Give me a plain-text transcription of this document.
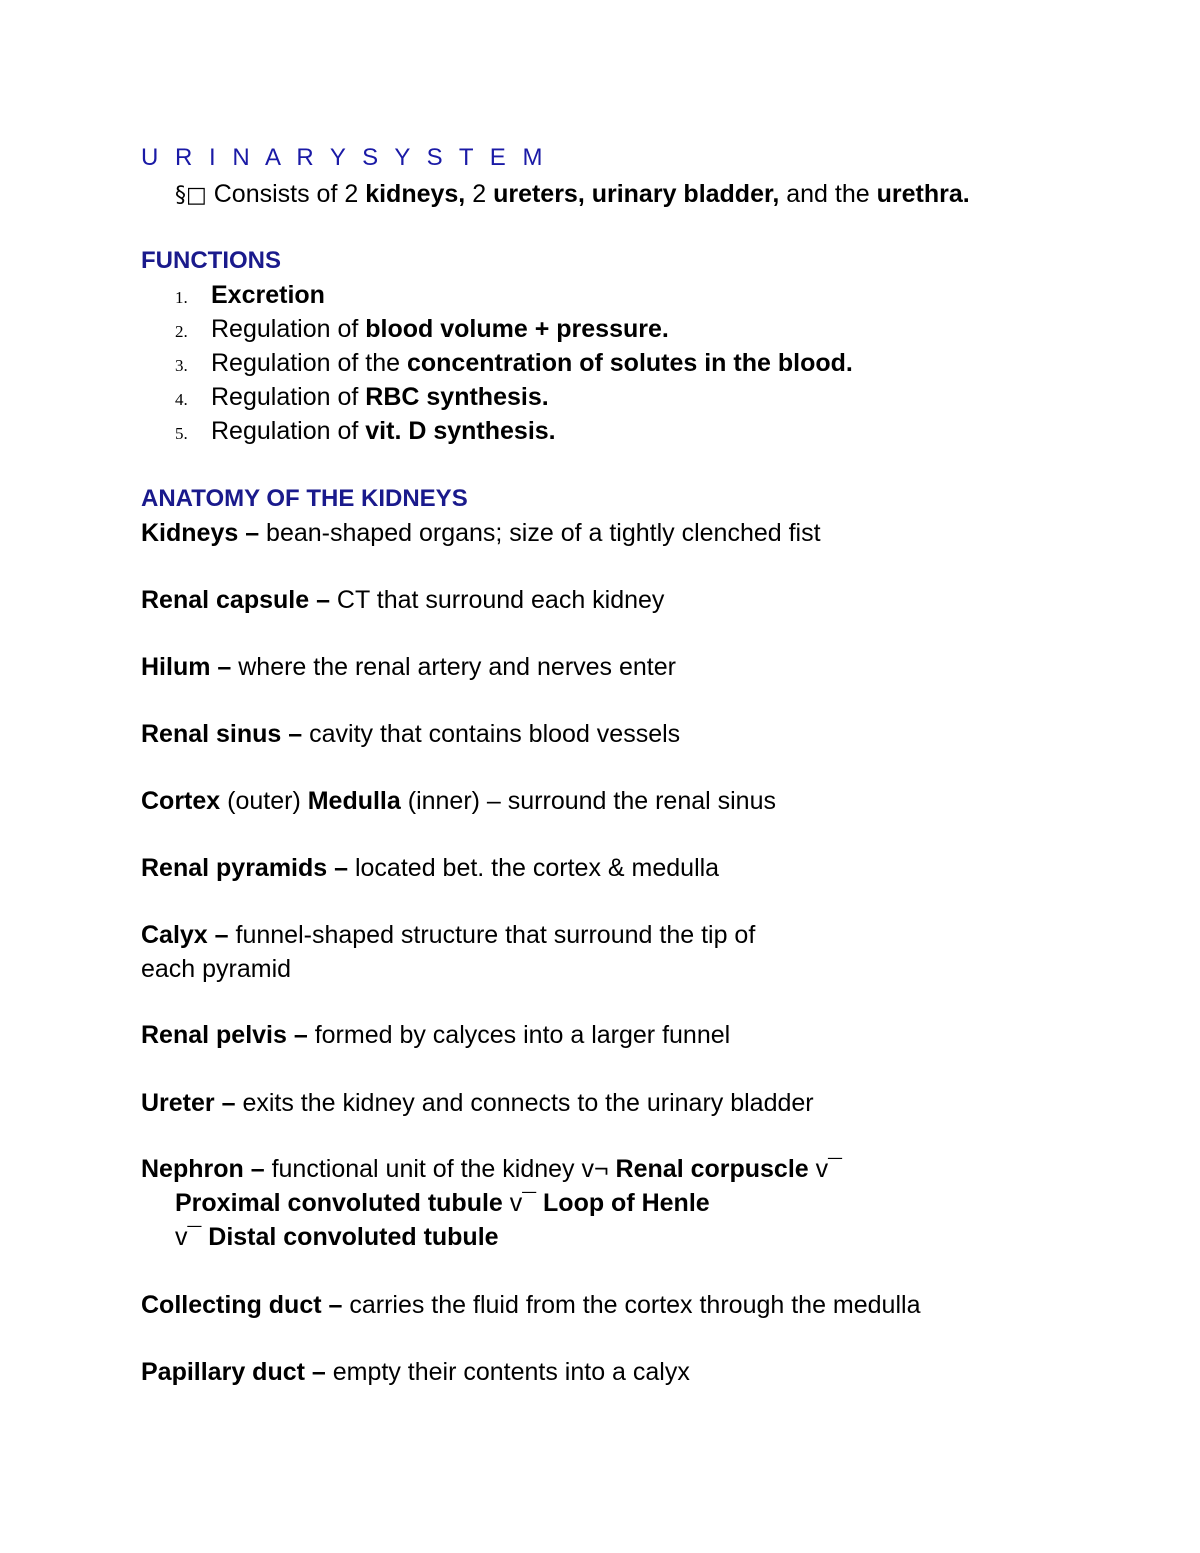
U R I N A R Y S Y S T E M
§□ Consists of 2 kidneys, 2 ureters, urinary bladder, and the urethra.
FUNCTIONS
1. Excretion
2. Regulation of blood volume + pressure.
3. Regulation of the concentration of solutes in the blood.
4. Regulation of RBC synthesis.
5. Regulation of vit. D synthesis.
ANATOMY OF THE KIDNEYS
Kidneys – bean-shaped organs; size of a tightly clenched fist
Renal capsule – CT that surround each kidney
Hilum – where the renal artery and nerves enter
Renal sinus – cavity that contains blood vessels
Cortex (outer) Medulla (inner) – surround the renal sinus
Renal pyramids – located bet. the cortex & medulla
Calyx – funnel-shaped structure that surround the tip of
each pyramid
Renal pelvis – formed by calyces into a larger funnel
Ureter – exits the kidney and connects to the urinary bladder
Nephron – functional unit of the kidney v¬ Renal corpuscle v¯
Proximal convoluted tubule v¯ Loop of Henle
v¯ Distal convoluted tubule
Collecting duct – carries the fluid from the cortex through the medulla
Papillary duct – empty their contents into a calyx
